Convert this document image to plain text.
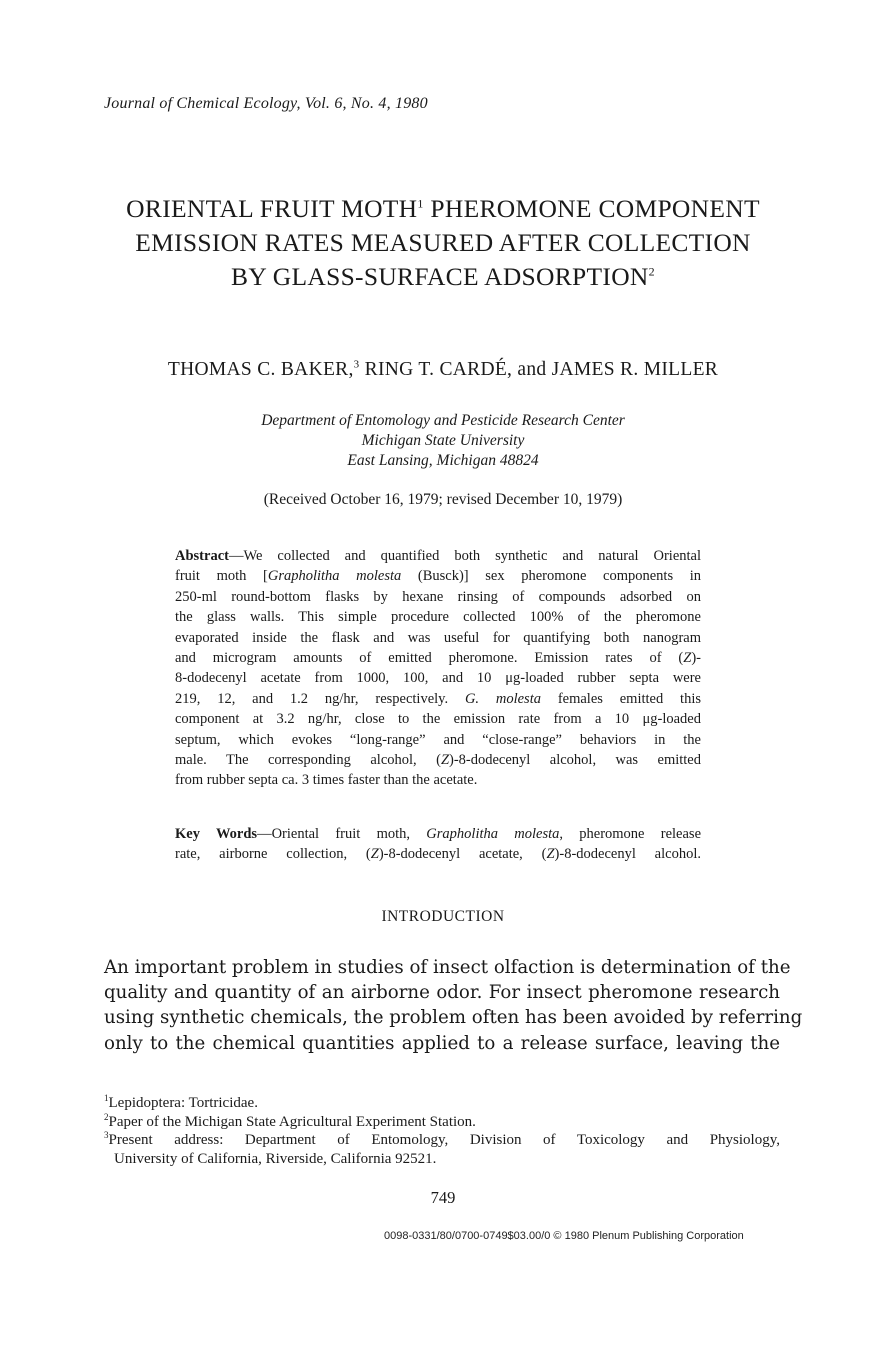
Journal of Chemical Ecology, Vol. 6, No. 4, 1980
ORIENTAL FRUIT MOTH$^1$ PHEROMONE COMPONENT
EMISSION RATES MEASURED AFTER COLLECTION
BY GLASS-SURFACE ADSORPTION$^2$
THOMAS C. BAKER,$^3$ RING T. CARDÉ, and JAMES R. MILLER
Department of Entomology and Pesticide Research Center
Michigan State University
East Lansing, Michigan 48824
(Received October 16, 1979; revised December 10, 1979)
Abstract—We collected and quantified both synthetic and natural Oriental
fruit moth [Grapholitha molesta (Busck)] sex pheromone components in
250-ml round-bottom flasks by hexane rinsing of compounds adsorbed on
the glass walls. This simple procedure collected 100% of the pheromone
evaporated inside the flask and was useful for quantifying both nanogram
and microgram amounts of emitted pheromone. Emission rates of (Z)-
8-dodecenyl acetate from 1000, 100, and 10 μg-loaded rubber septa were
219, 12, and 1.2 ng/hr, respectively. G. molesta females emitted this
component at 3.2 ng/hr, close to the emission rate from a 10 μg-loaded
septum, which evokes “long-range” and “close-range” behaviors in the
male. The corresponding alcohol, (Z)-8-dodecenyl alcohol, was emitted
from rubber septa ca. 3 times faster than the acetate.
Key Words—Oriental fruit moth, Grapholitha molesta, pheromone release
rate, airborne collection, (Z)-8-dodecenyl acetate, (Z)-8-dodecenyl alcohol.
INTRODUCTION
An important problem in studies of insect olfaction is determination of the
quality and quantity of an airborne odor. For insect pheromone research
using synthetic chemicals, the problem often has been avoided by referring
only to the chemical quantities applied to a release surface, leaving the
$^1$Lepidoptera: Tortricidae.
$^2$Paper of the Michigan State Agricultural Experiment Station.
$^3$Present address: Department of Entomology, Division of Toxicology and Physiology,
University of California, Riverside, California 92521.
749
0098-0331/80/0700-0749$03.00/0 © 1980 Plenum Publishing Corporation
